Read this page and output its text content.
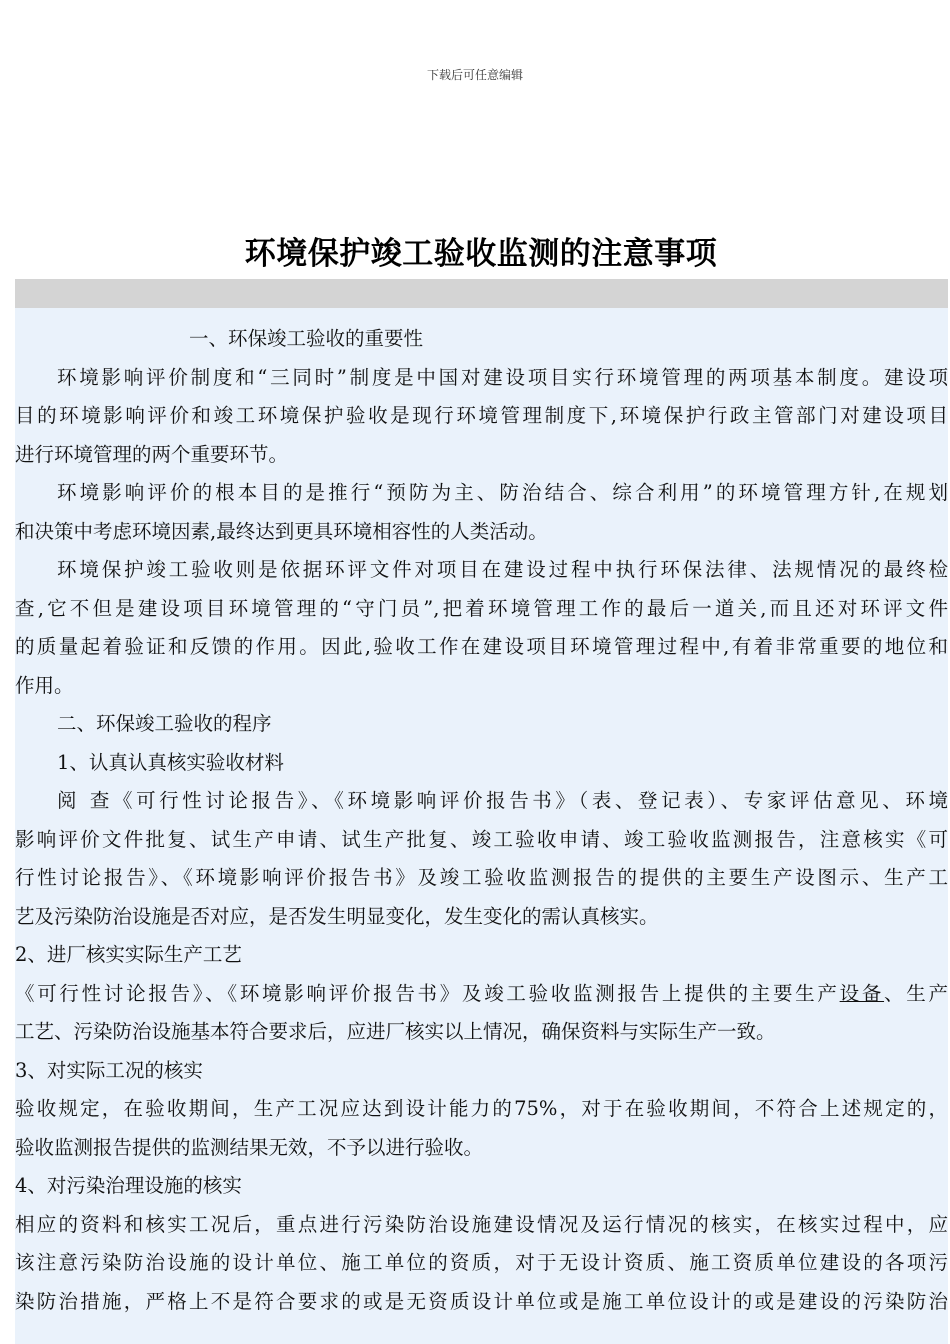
下载后可任意编辑
环境保护竣工验收监测的注意事项

一、环保竣工验收的重要性

环境影响评价制度和“三同时”制度是中国对建设项目实行环境管理的两项基本制度。建设项

目的环境影响评价和竣工环境保护验收是现行环境管理制度下,环境保护行政主管部门对建设项目

进行环境管理的两个重要环节。

环境影响评价的根本目的是推行“预防为主、防治结合、综合利用”的环境管理方针,在规划

和决策中考虑环境因素,最终达到更具环境相容性的人类活动。

环境保护竣工验收则是依据环评文件对项目在建设过程中执行环保法律、法规情况的最终检

查,它不但是建设项目环境管理的“守门员”,把着环境管理工作的最后一道关,而且还对环评文件

的质量起着验证和反馈的作用。因此,验收工作在建设项目环境管理过程中,有着非常重要的地位和

作用。

二、环保竣工验收的程序

1、认真认真核实验收材料

阅 查《可行性讨论报告》、《环境影响评价报告书》（表、登记表）、专家评估意见、环境

影响评价文件批复、试生产申请、试生产批复、竣工验收申请、竣工验收监测报告，注意核实《可

行性讨论报告》、《环境影响评价报告书》及竣工验收监测报告的提供的主要生产设图示、生产工

艺及污染防治设施是否对应，是否发生明显变化，发生变化的需认真核实。

2、进厂核实实际生产工艺

《可行性讨论报告》、《环境影响评价报告书》及竣工验收监测报告上提供的主要生产设备、生产

工艺、污染防治设施基本符合要求后，应进厂核实以上情况，确保资料与实际生产一致。

3、对实际工况的核实

验收规定，在验收期间，生产工况应达到设计能力的75%，对于在验收期间，不符合上述规定的，

验收监测报告提供的监测结果无效，不予以进行验收。

4、对污染治理设施的核实

相应的资料和核实工况后，重点进行污染防治设施建设情况及运行情况的核实，在核实过程中，应

该注意污染防治设施的设计单位、施工单位的资质，对于无设计资质、施工资质单位建设的各项污

染防治措施，严格上不是符合要求的或是无资质设计单位或是施工单位设计的或是建设的污染防治
